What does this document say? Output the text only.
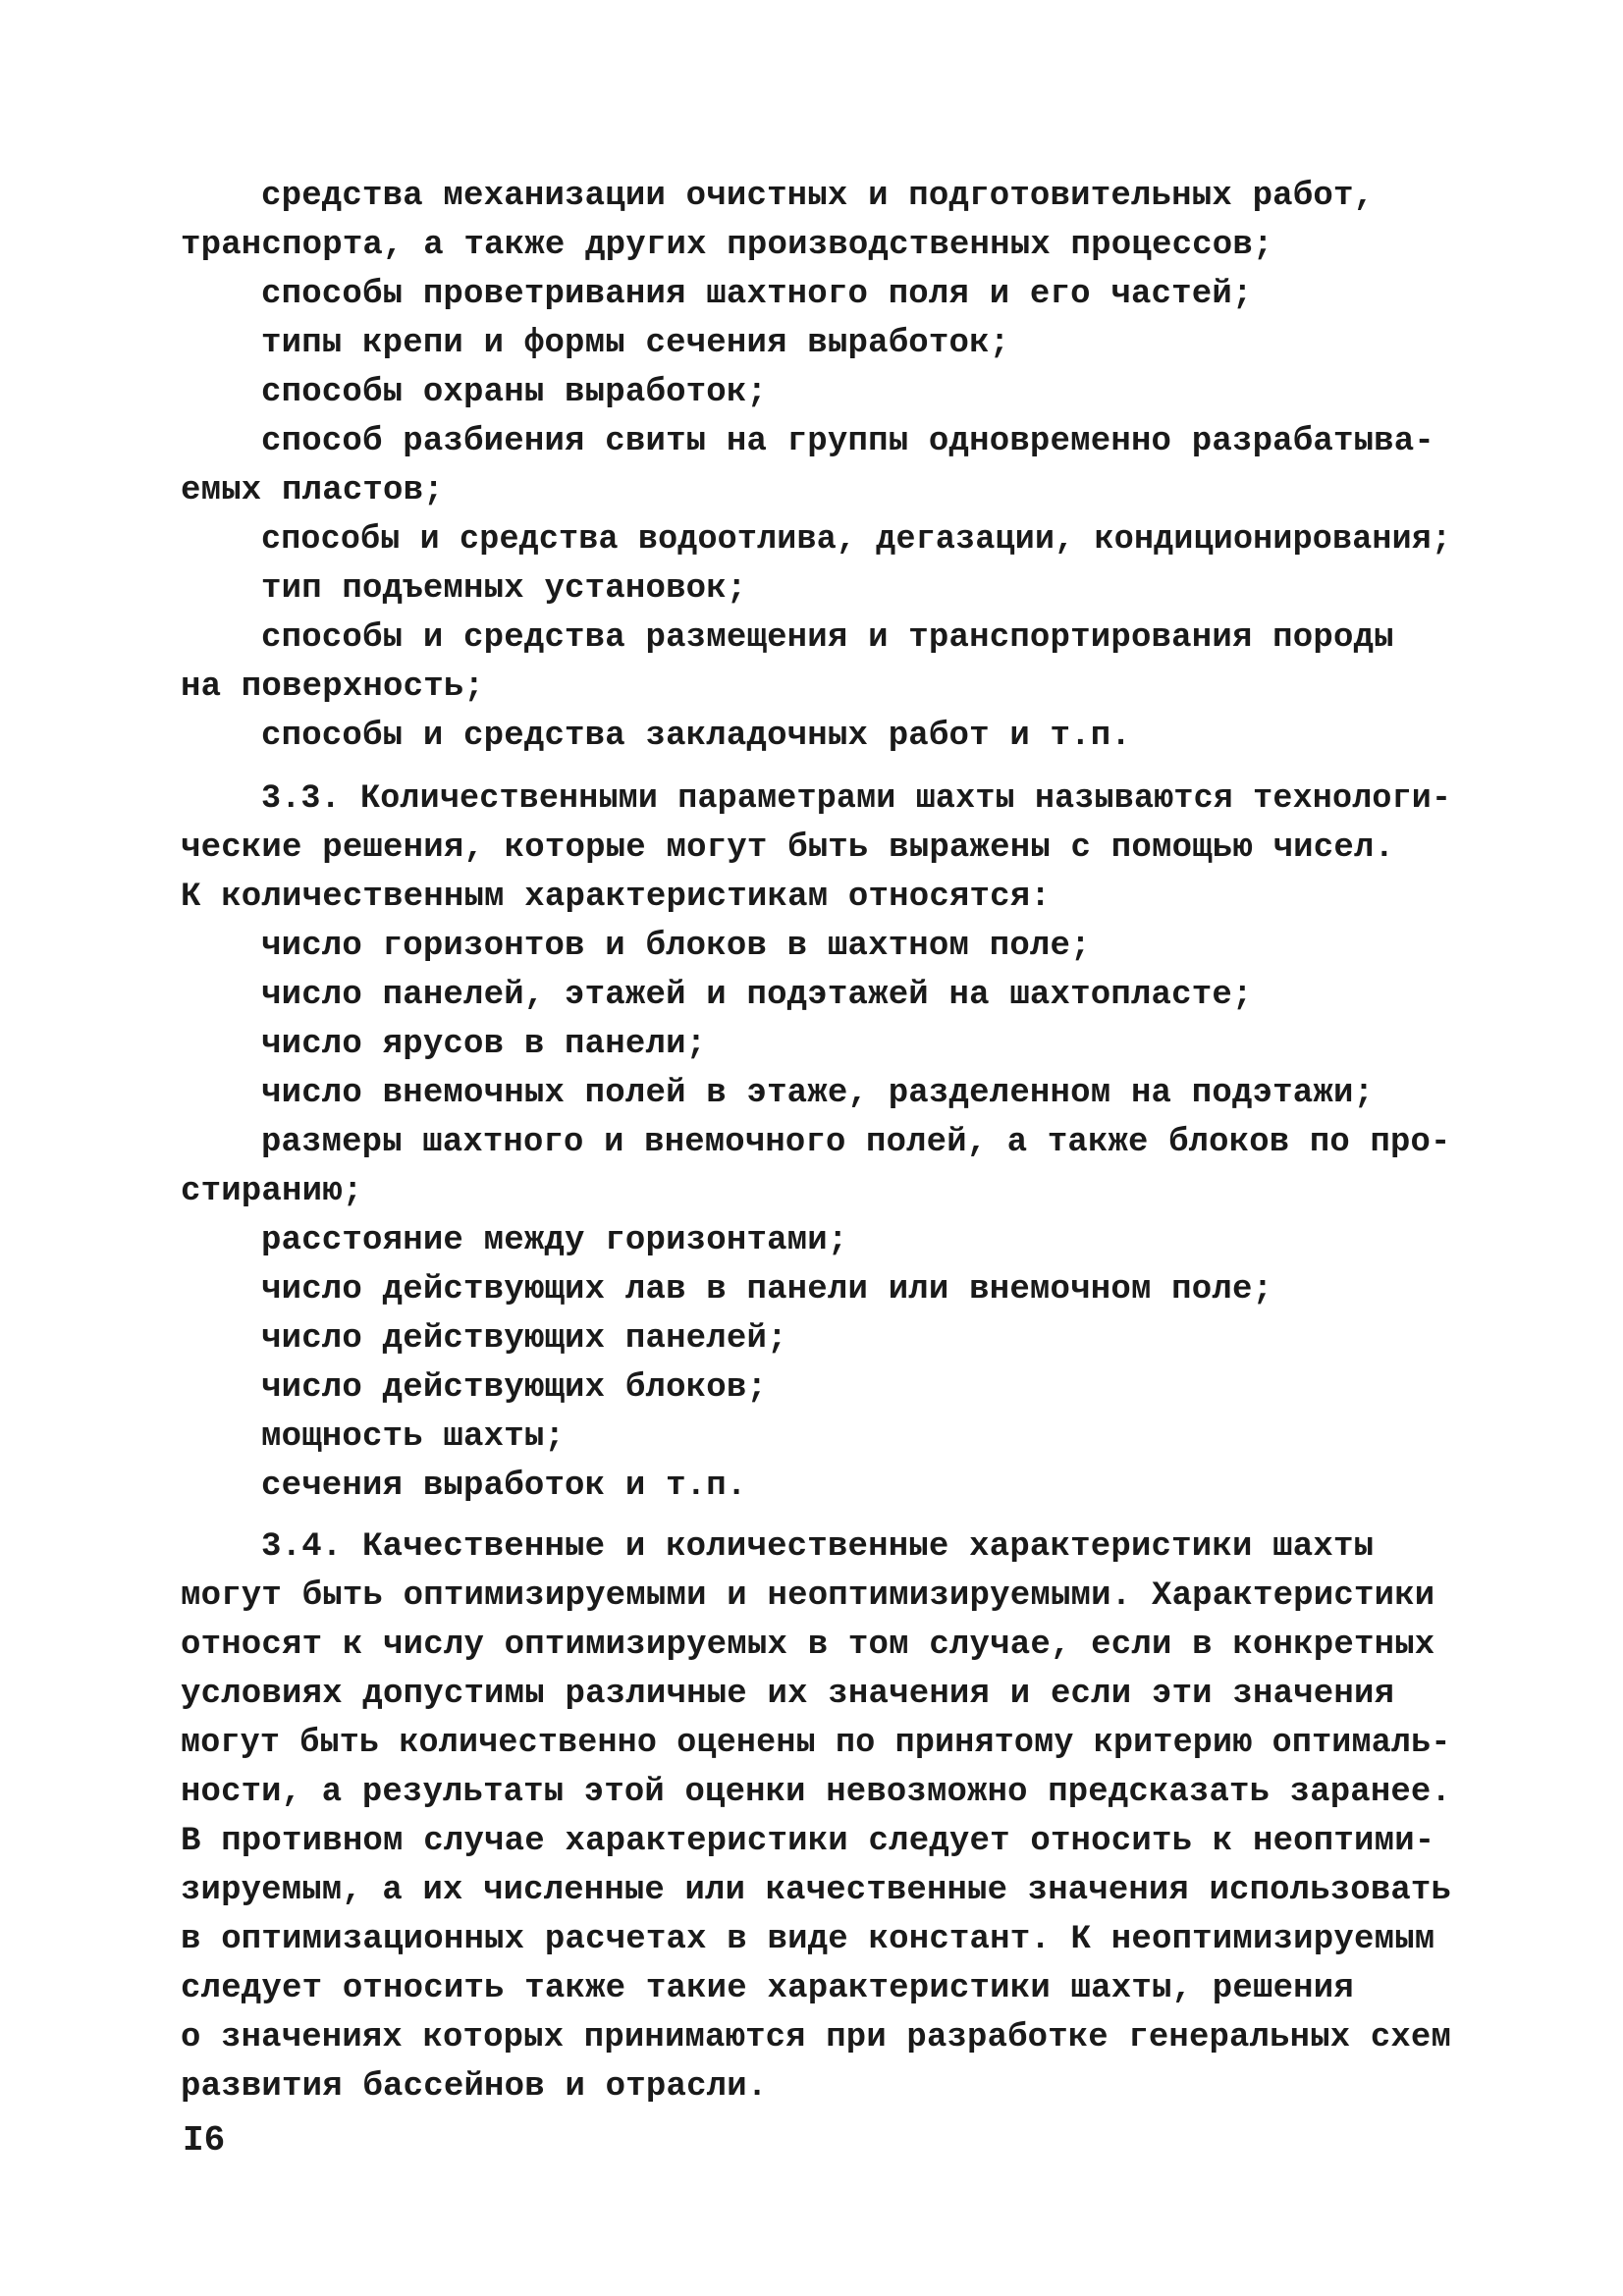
средства механизации очистных и подготовительных работ,
транспорта, а также других производственных процессов;
способы проветривания шахтного поля и его частей;
типы крепи и формы сечения выработок;
способы охраны выработок;
способ разбиения свиты на группы одновременно разрабатыва-
емых пластов;
способы и средства водоотлива, дегазации, кондиционирования;
тип подъемных установок;
способы и средства размещения и транспортирования породы
на поверхность;
способы и средства закладочных работ и т.п.
3.3. Количественными параметрами шахты называются технологи-
ческие решения, которые могут быть выражены с помощью чисел.
К количественным характеристикам относятся:
число горизонтов и блоков в шахтном поле;
число панелей, этажей и подэтажей на шахтопласте;
число ярусов в панели;
число внемочных полей в этаже, разделенном на подэтажи;
размеры шахтного и внемочного полей, а также блоков по про-
стиранию;
расстояние между горизонтами;
число действующих лав в панели или внемочном поле;
число действующих панелей;
число действующих блоков;
мощность шахты;
сечения выработок и т.п.
3.4. Качественные и количественные характеристики шахты
могут быть оптимизируемыми и неоптимизируемыми. Характеристики
относят к числу оптимизируемых в том случае, если в конкретных
условиях допустимы различные их значения и если эти значения
могут быть количественно оценены по принятому критерию оптималь-
ности, а результаты этой оценки невозможно предсказать заранее.
В противном случае характеристики следует относить к неоптими-
зируемым, а их численные или качественные значения использовать
в оптимизационных расчетах в виде констант. К неоптимизируемым
следует относить также такие характеристики шахты, решения
о значениях которых принимаются при разработке генеральных схем
развития бассейнов и отрасли.
I6
